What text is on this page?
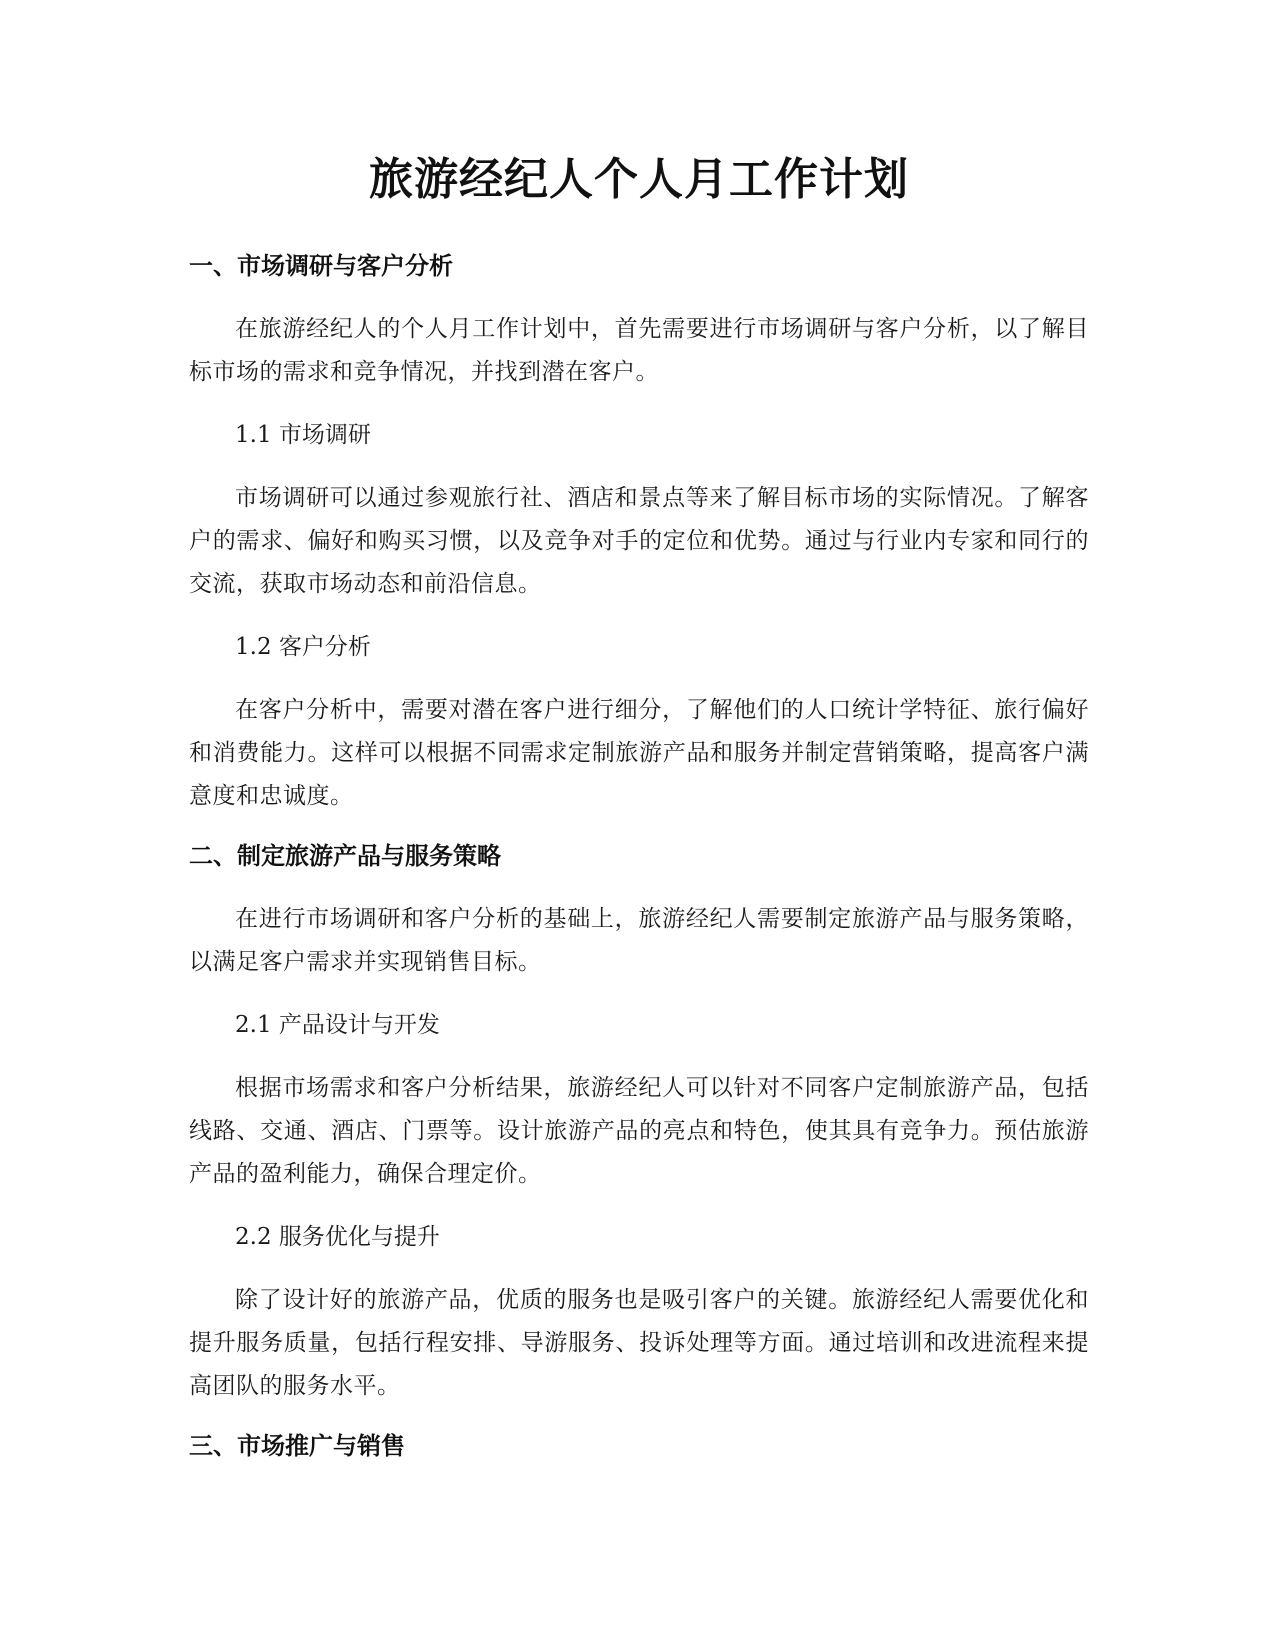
旅游经纪人个人月工作计划
一、市场调研与客户分析

在旅游经纪人的个人月工作计划中，首先需要进行市场调研与客户分析，以了解目标市场的需求和竞争情况，并找到潜在客户。

1.1 市场调研

市场调研可以通过参观旅行社、酒店和景点等来了解目标市场的实际情况。了解客户的需求、偏好和购买习惯，以及竞争对手的定位和优势。通过与行业内专家和同行的交流，获取市场动态和前沿信息。

1.2 客户分析

在客户分析中，需要对潜在客户进行细分，了解他们的人口统计学特征、旅行偏好和消费能力。这样可以根据不同需求定制旅游产品和服务并制定营销策略，提高客户满意度和忠诚度。

二、制定旅游产品与服务策略

在进行市场调研和客户分析的基础上，旅游经纪人需要制定旅游产品与服务策略，以满足客户需求并实现销售目标。

2.1 产品设计与开发

根据市场需求和客户分析结果，旅游经纪人可以针对不同客户定制旅游产品，包括线路、交通、酒店、门票等。设计旅游产品的亮点和特色，使其具有竞争力。预估旅游产品的盈利能力，确保合理定价。

2.2 服务优化与提升

除了设计好的旅游产品，优质的服务也是吸引客户的关键。旅游经纪人需要优化和提升服务质量，包括行程安排、导游服务、投诉处理等方面。通过培训和改进流程来提高团队的服务水平。

三、市场推广与销售
